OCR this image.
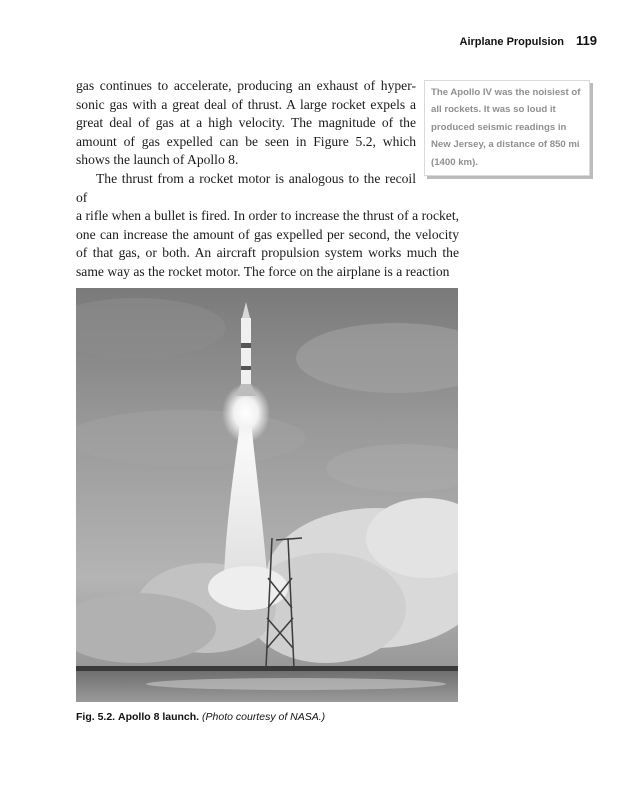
Airplane Propulsion 119

gas continues to accelerate, producing an exhaust of hyper-sonic gas with a great deal of thrust. A large rocket expels a great deal of gas at a high velocity. The magnitude of the amount of gas expelled can be seen in Figure 5.2, which shows the launch of Apollo 8.

The thrust from a rocket motor is analogous to the recoil of

a rifle when a bullet is fired. In order to increase the thrust of a rocket, one can increase the amount of gas expelled per second, the velocity of that gas, or both. An aircraft propulsion system works much the same way as the rocket motor. The force on the airplane is a reaction

The Apollo IV was the noisiest of all rockets. It was so loud it produced seismic readings in New Jersey, a distance of 850 mi (1400 km).

Fig. 5.2. Apollo 8 launch. (Photo courtesy of NASA.)
